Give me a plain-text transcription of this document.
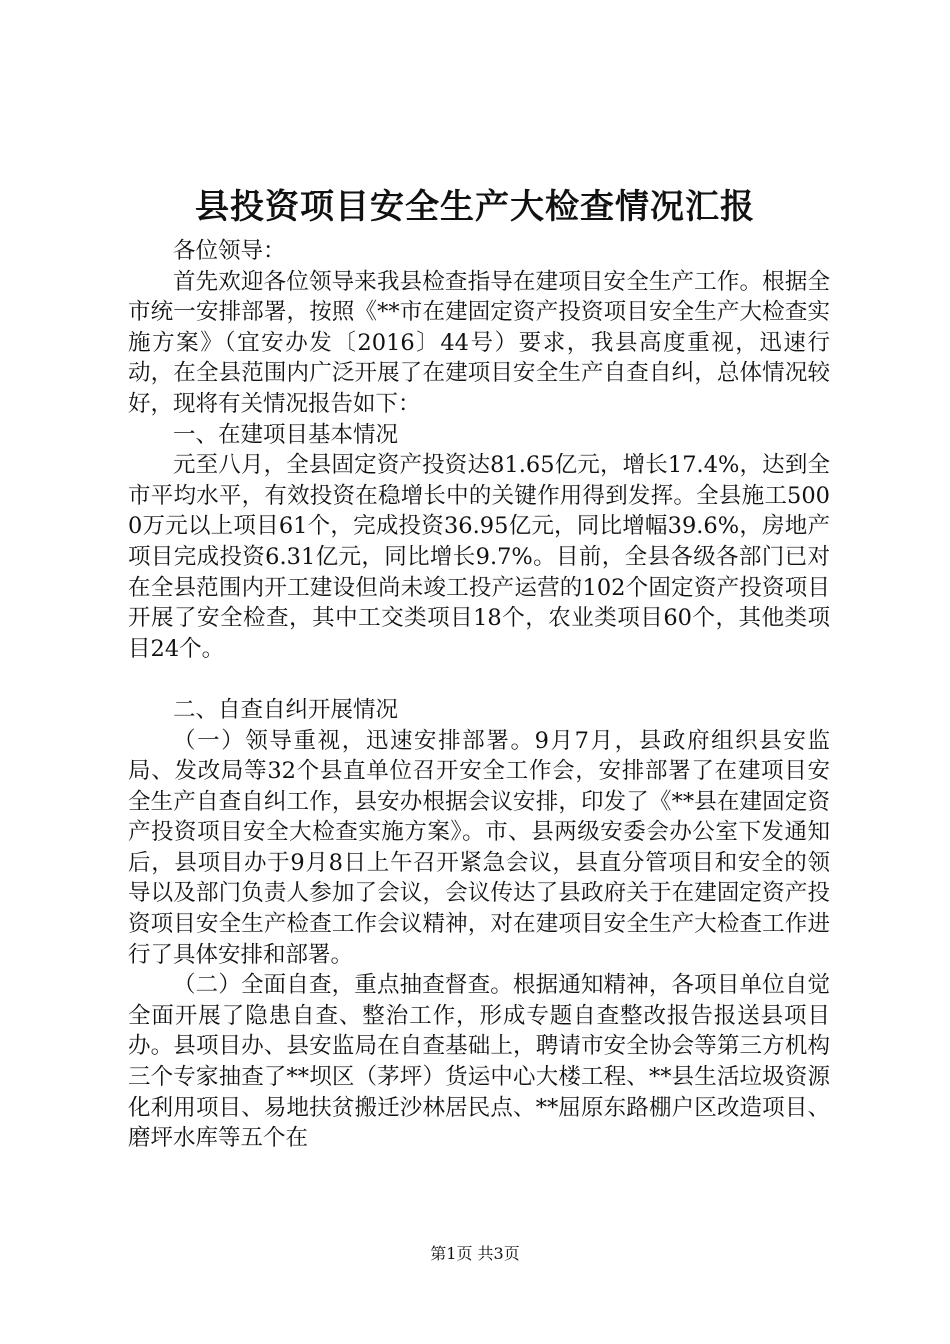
县投资项目安全生产大检查情况汇报

各位领导：

首先欢迎各位领导来我县检查指导在建项目安全生产工作。根据全市统一安排部署，按照《**市在建固定资产投资项目安全生产大检查实施方案》（宜安办发〔2016〕44号）要求，我县高度重视，迅速行动，在全县范围内广泛开展了在建项目安全生产自查自纠，总体情况较好，现将有关情况报告如下：

一、在建项目基本情况

元至八月，全县固定资产投资达81.65亿元，增长17.4%，达到全市平均水平，有效投资在稳增长中的关键作用得到发挥。全县施工5000万元以上项目61个，完成投资36.95亿元，同比增幅39.6%，房地产项目完成投资6.31亿元，同比增长9.7%。目前，全县各级各部门已对在全县范围内开工建设但尚未竣工投产运营的102个固定资产投资项目开展了安全检查，其中工交类项目18个，农业类项目60个，其他类项目24个。

二、自查自纠开展情况

（一）领导重视，迅速安排部署。9月7月，县政府组织县安监局、发改局等32个县直单位召开安全工作会，安排部署了在建项目安全生产自查自纠工作，县安办根据会议安排，印发了《**县在建固定资产投资项目安全大检查实施方案》。市、县两级安委会办公室下发通知后，县项目办于9月8日上午召开紧急会议，县直分管项目和安全的领导以及部门负责人参加了会议，会议传达了县政府关于在建固定资产投资项目安全生产检查工作会议精神，对在建项目安全生产大检查工作进行了具体安排和部署。

（二）全面自查，重点抽查督查。根据通知精神，各项目单位自觉全面开展了隐患自查、整治工作，形成专题自查整改报告报送县项目办。县项目办、县安监局在自查基础上，聘请市安全协会等第三方机构三个专家抽查了**坝区（茅坪）货运中心大楼工程、**县生活垃圾资源化利用项目、易地扶贫搬迁沙林居民点、**屈原东路棚户区改造项目、磨坪水库等五个在

第1页 共3页
